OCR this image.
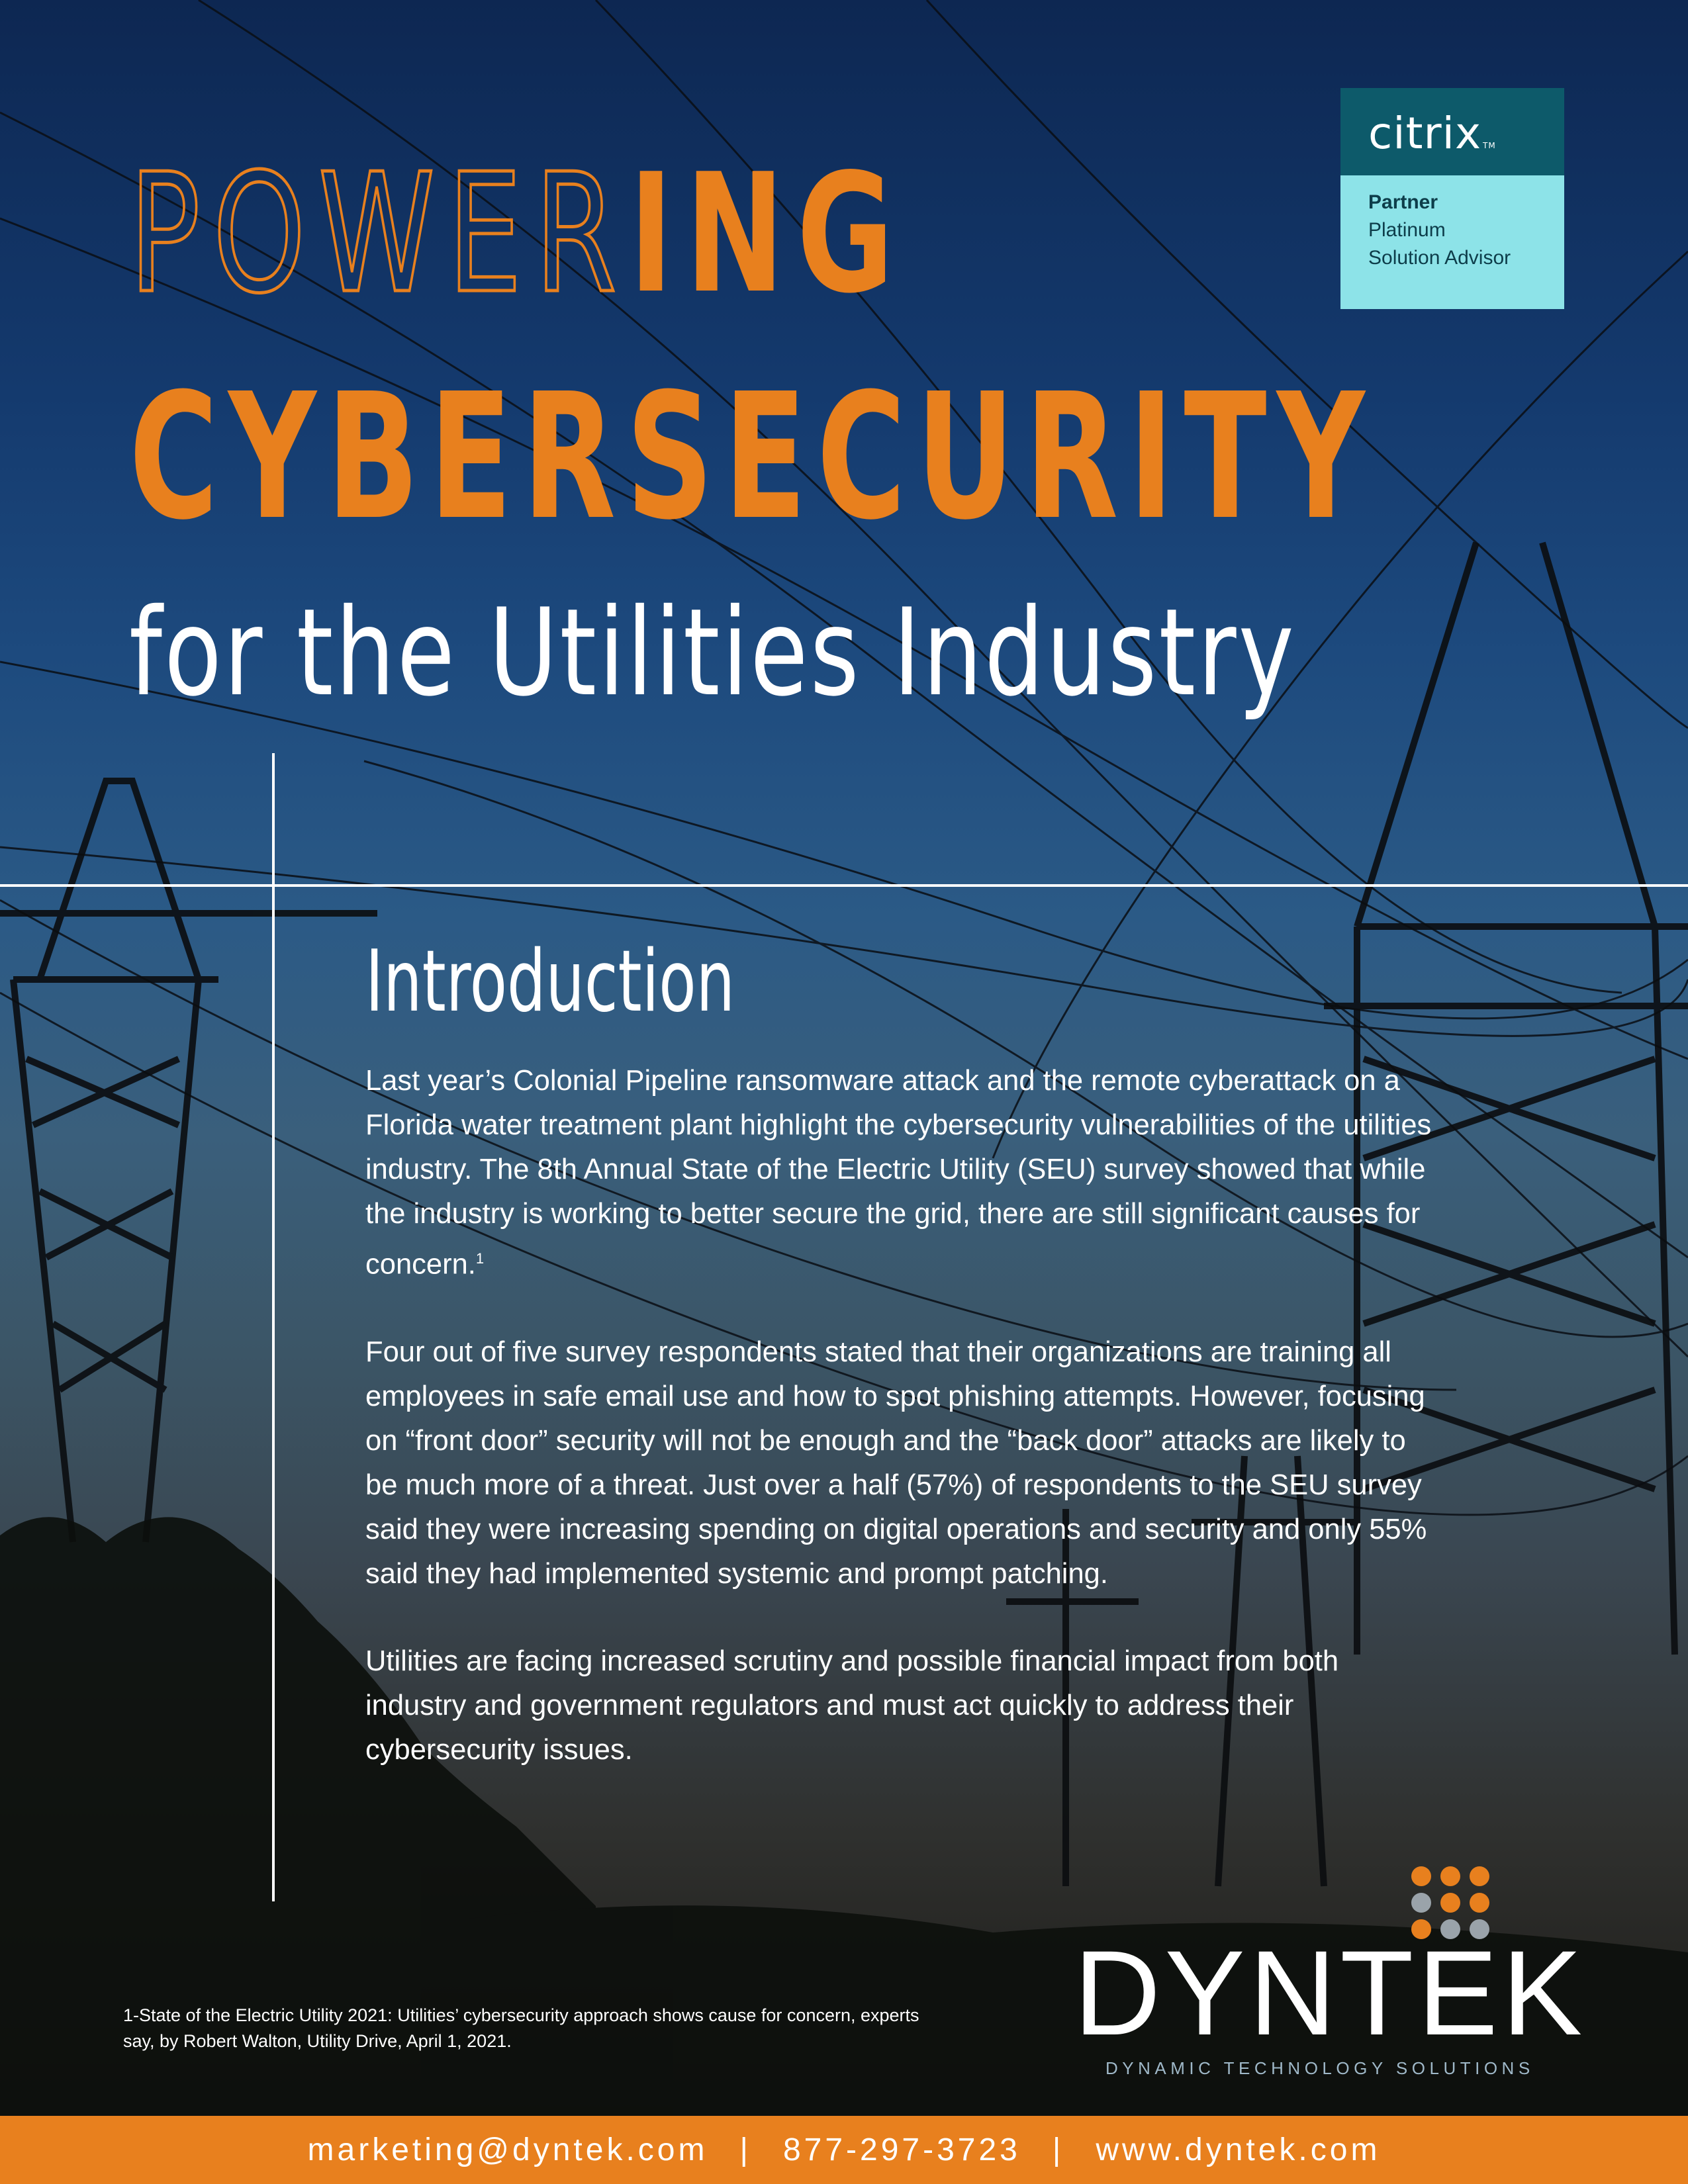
POWERING
CYBERSECURITY
for the Utilities Industry
citrix TM
Partner
Platinum
Solution Advisor
Introduction

Last year’s Colonial Pipeline ransomware attack and the remote cyberattack on a Florida water treatment plant highlight the cybersecurity vulnerabilities of the utilities industry. The 8th Annual State of the Electric Utility (SEU) survey showed that while the industry is working to better secure the grid, there are still significant causes for concern.$^1$

Four out of five survey respondents stated that their organizations are training all employees in safe email use and how to spot phishing attempts. However, focusing on “front door” security will not be enough and the “back door” attacks are likely to be much more of a threat. Just over a half (57%) of respondents to the SEU survey said they were increasing spending on digital operations and security and only 55% said they had implemented systemic and prompt patching.

Utilities are facing increased scrutiny and possible financial impact from both industry and government regulators and must act quickly to address their cybersecurity issues.

1-State of the Electric Utility 2021: Utilities’ cybersecurity approach shows cause for concern, experts say, by Robert Walton, Utility Drive, April 1, 2021.	DYNTEK
DYNAMIC TECHNOLOGY SOLUTIONS
marketing@dyntek.com | 877-297-3723 | www.dyntek.com
